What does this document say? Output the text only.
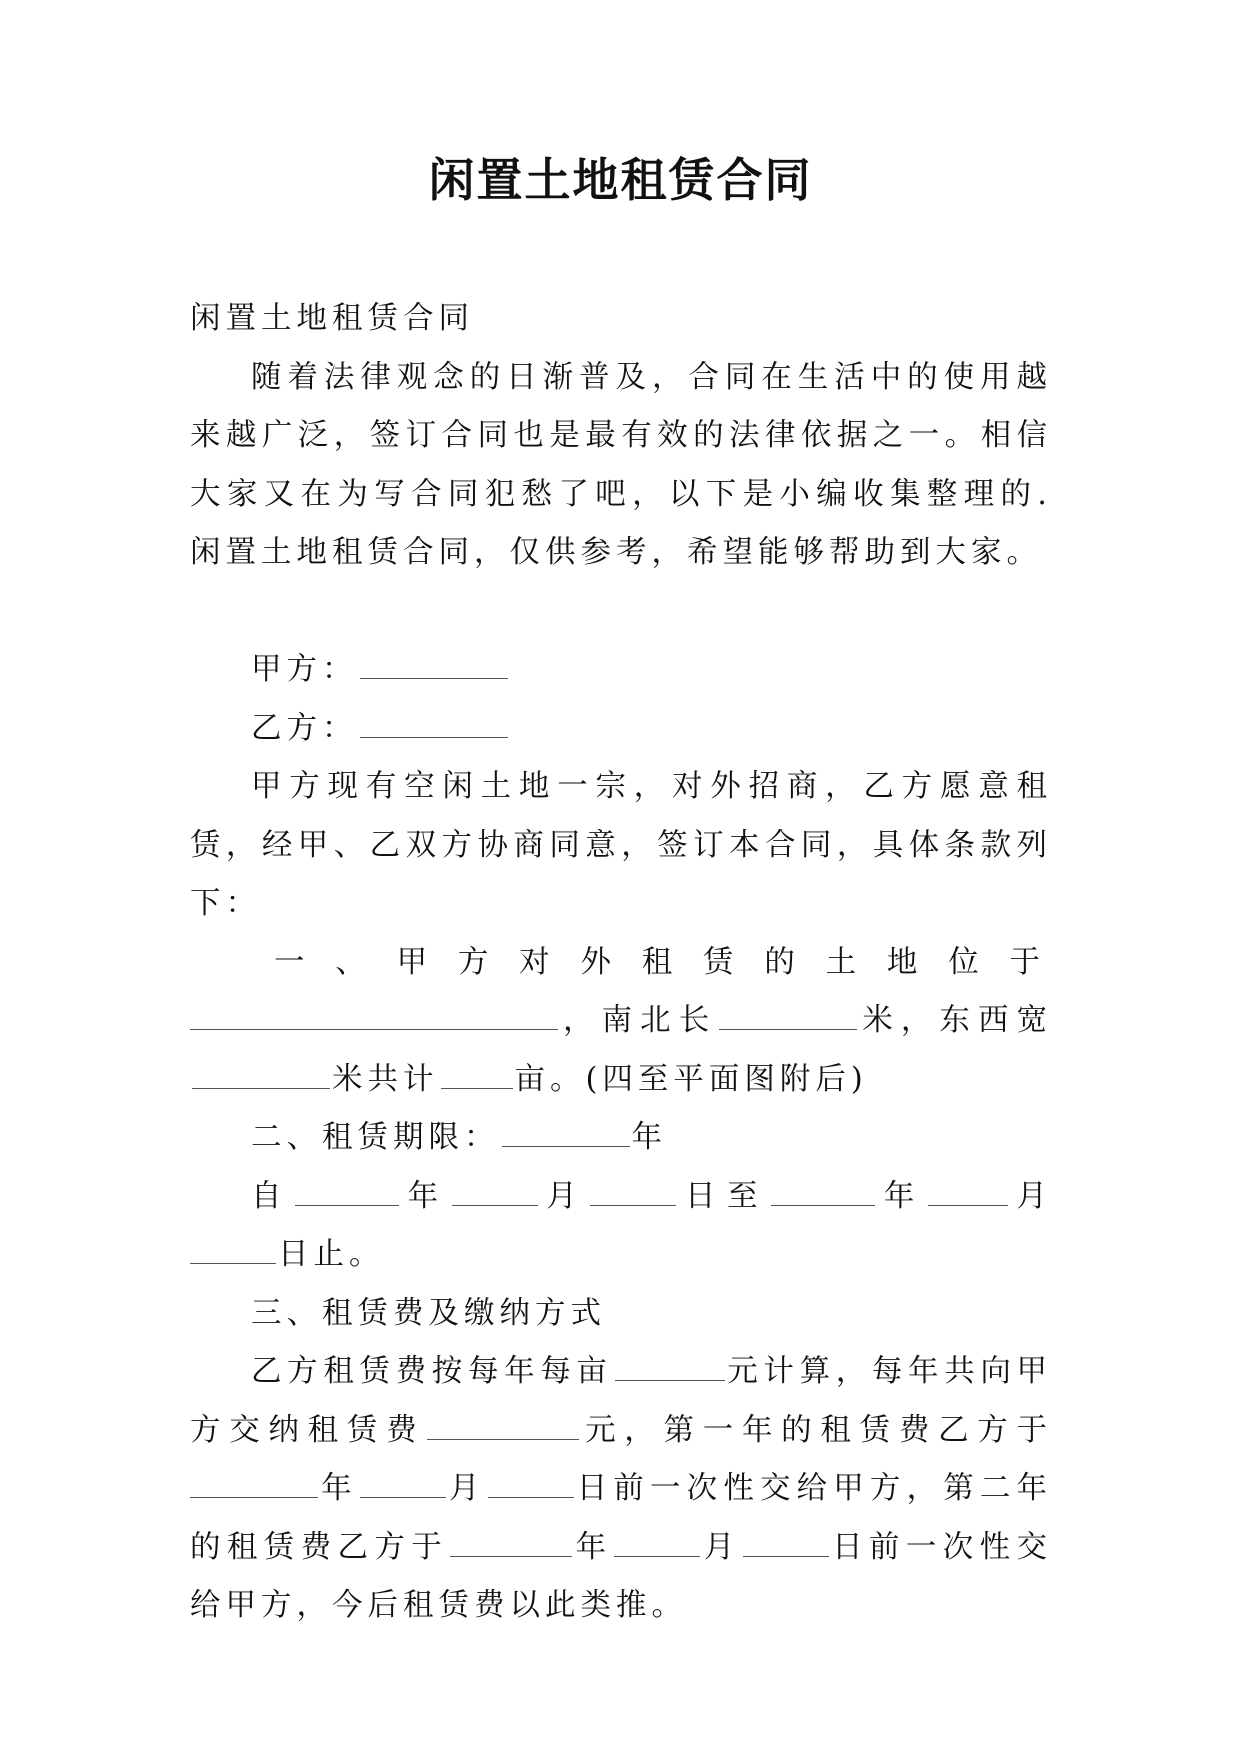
闲置土地租赁合同

闲置土地租赁合同

随着法律观念的日渐普及，合同在生活中的使用越来越广泛，签订合同也是最有效的法律依据之一。相信大家又在为写合同犯愁了吧，以下是小编收集整理的.闲置土地租赁合同，仅供参考，希望能够帮助到大家。

甲方：

乙方：

甲方现有空闲土地一宗，对外招商，乙方愿意租赁，经甲、乙双方协商同意，签订本合同，具体条款列下：

一、甲方对外租赁的土地位于
，南北长	米，东西宽米共计 亩。(四至平面图附后)

二、租赁期限：	年

自	年	月	日至	年	月日止。

三、租赁费及缴纳方式

乙方租赁费按每年每亩	元计算，每年共向甲方交纳租赁费	元，第一年的租赁费乙方于年	月	日前一次性交给甲方，第二年的租赁费乙方于	年	月	日前一次性交给甲方，今后租赁费以此类推。
